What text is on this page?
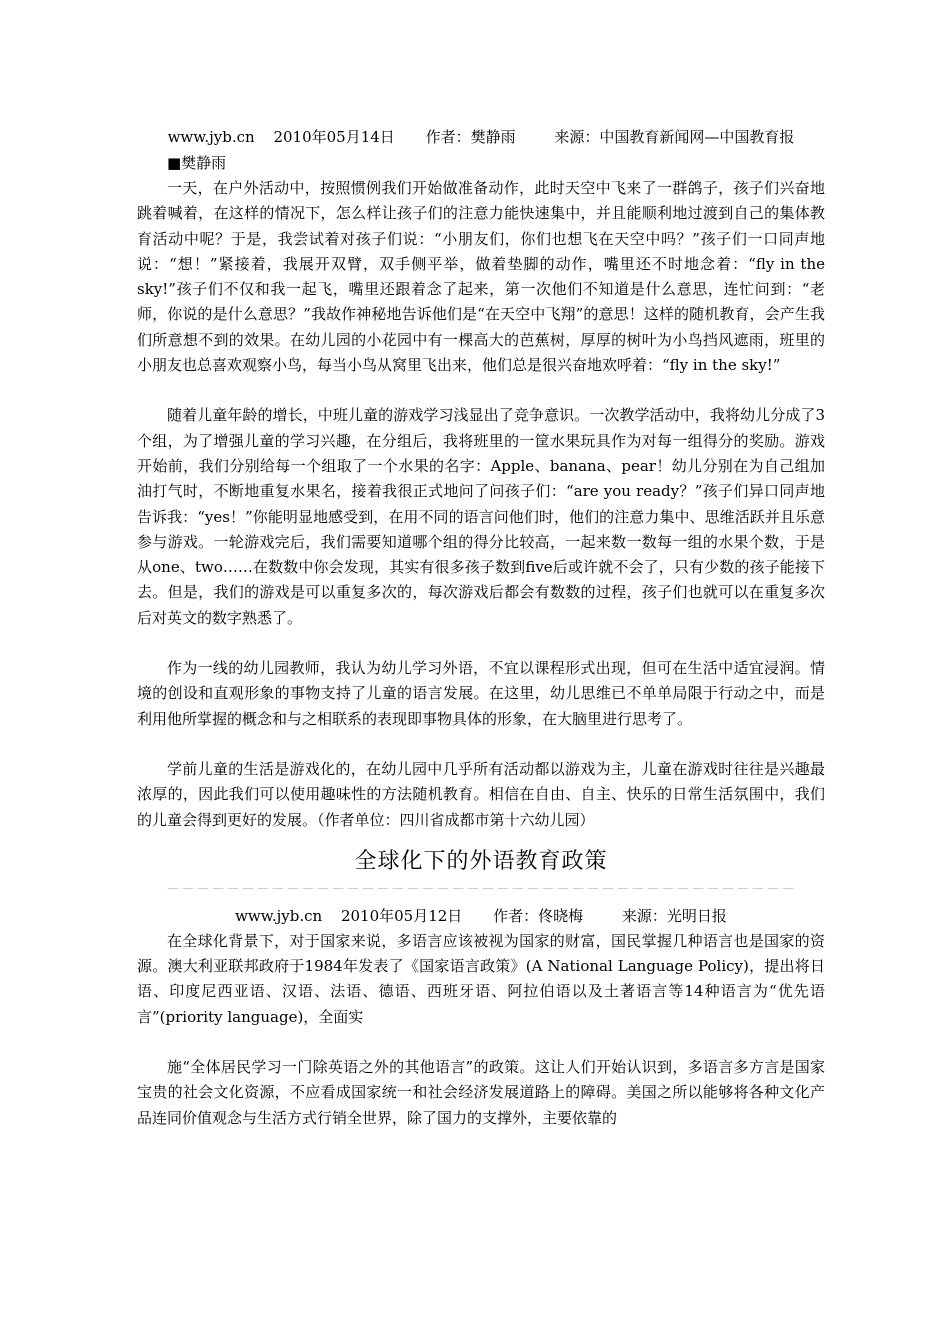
www.jyb.cn 2010年05月14日 作者：樊静雨	来源：中国教育新闻网—中国教育报
■樊静雨

一天，在户外活动中，按照惯例我们开始做准备动作，此时天空中飞来了一群鸽子，孩子们兴奋地跳着喊着，在这样的情况下，怎么样让孩子们的注意力能快速集中，并且能顺利地过渡到自己的集体教育活动中呢？于是，我尝试着对孩子们说：“小朋友们，你们也想飞在天空中吗？”孩子们一口同声地说：“想！”紧接着，我展开双臂，双手侧平举，做着垫脚的动作，嘴里还不时地念着：“fly in the sky!”孩子们不仅和我一起飞，嘴里还跟着念了起来，第一次他们不知道是什么意思，连忙问到：“老师，你说的是什么意思？”我故作神秘地告诉他们是“在天空中飞翔”的意思！这样的随机教育，会产生我们所意想不到的效果。在幼儿园的小花园中有一棵高大的芭蕉树，厚厚的树叶为小鸟挡风遮雨，班里的小朋友也总喜欢观察小鸟，每当小鸟从窝里飞出来，他们总是很兴奋地欢呼着：“fly in the sky!”

随着儿童年龄的增长，中班儿童的游戏学习浅显出了竞争意识。一次教学活动中，我将幼儿分成了3个组，为了增强儿童的学习兴趣，在分组后，我将班里的一筐水果玩具作为对每一组得分的奖励。游戏开始前，我们分别给每一个组取了一个水果的名字：Apple、banana、pear！幼儿分别在为自己组加油打气时，不断地重复水果名，接着我很正式地问了问孩子们：“are you ready？”孩子们异口同声地告诉我：“yes！”你能明显地感受到，在用不同的语言问他们时，他们的注意力集中、思维活跃并且乐意参与游戏。一轮游戏完后，我们需要知道哪个组的得分比较高，一起来数一数每一组的水果个数，于是从one、two……在数数中你会发现，其实有很多孩子数到five后或许就不会了，只有少数的孩子能接下去。但是，我们的游戏是可以重复多次的，每次游戏后都会有数数的过程，孩子们也就可以在重复多次后对英文的数字熟悉了。

作为一线的幼儿园教师，我认为幼儿学习外语，不宜以课程形式出现，但可在生活中适宜浸润。情境的创设和直观形象的事物支持了儿童的语言发展。在这里，幼儿思维已不单单局限于行动之中，而是利用他所掌握的概念和与之相联系的表现即事物具体的形象，在大脑里进行思考了。

学前儿童的生活是游戏化的，在幼儿园中几乎所有活动都以游戏为主，儿童在游戏时往往是兴趣最浓厚的，因此我们可以使用趣味性的方法随机教育。相信在自由、自主、快乐的日常生活氛围中，我们的儿童会得到更好的发展。（作者单位：四川省成都市第十六幼儿园）

全球化下的外语教育政策
－－－－－－－－－－－－－－－－－－－－－－－－－－－－－－－－－－－－－－－－－－
www.jyb.cn 2010年05月12日 作者：佟晓梅	来源：光明日报

在全球化背景下，对于国家来说，多语言应该被视为国家的财富，国民掌握几种语言也是国家的资源。澳大利亚联邦政府于1984年发表了《国家语言政策》(A National Language Policy)，提出将日语、印度尼西亚语、汉语、法语、德语、西班牙语、阿拉伯语以及土著语言等14种语言为“优先语言”(priority language)，全面实

施“全体居民学习一门除英语之外的其他语言”的政策。这让人们开始认识到，多语言多方言是国家宝贵的社会文化资源，不应看成国家统一和社会经济发展道路上的障碍。美国之所以能够将各种文化产品连同价值观念与生活方式行销全世界，除了国力的支撑外，主要依靠的
